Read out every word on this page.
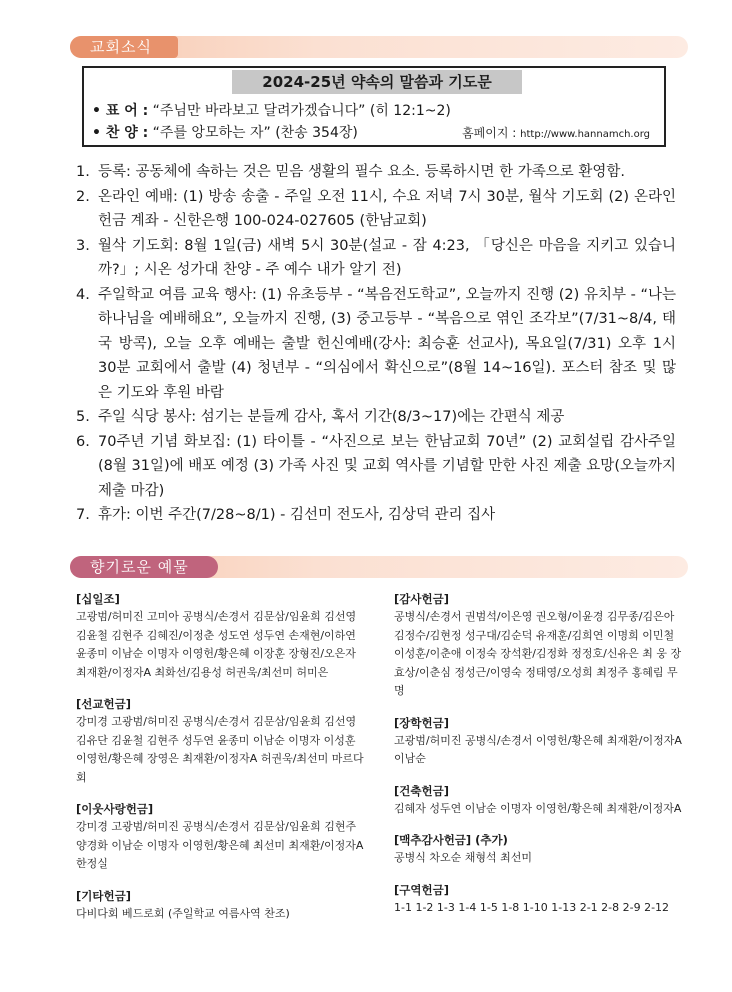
교회소식
2024-25년 약속의 말씀과 기도문
• 표 어 : “주님만 바라보고 달려가겠습니다” (히 12:1~2)
• 찬 양 : “주를 앙모하는 자” (찬송 354장)	홈페이지 : http://www.hannamch.org
1. 등록: 공동체에 속하는 것은 믿음 생활의 필수 요소. 등록하시면 한 가족으로 환영함.
2. 온라인 예배: (1) 방송 송출 - 주일 오전 11시, 수요 저녁 7시 30분, 월삭 기도회 (2) 온라인 헌금 계좌 - 신한은행 100-024-027605 (한남교회)
3. 월삭 기도회: 8월 1일(금) 새벽 5시 30분(설교 - 잠 4:23, 「당신은 마음을 지키고 있습니까?」; 시온 성가대 찬양 - 주 예수 내가 알기 전)
4. 주일학교 여름 교육 행사: (1) 유초등부 - “복음전도학교”, 오늘까지 진행 (2) 유치부 - “나는 하나님을 예배해요”, 오늘까지 진행, (3) 중고등부 - “복음으로 엮인 조각보”(7/31~8/4, 태국 방콕), 오늘 오후 예배는 출발 헌신예배(강사: 최승훈 선교사), 목요일(7/31) 오후 1시 30분 교회에서 출발 (4) 청년부 - “의심에서 확신으로”(8월 14~16일). 포스터 참조 및 많은 기도와 후원 바람
5. 주일 식당 봉사: 섬기는 분들께 감사, 혹서 기간(8/3~17)에는 간편식 제공
6. 70주년 기념 화보집: (1) 타이틀 - “사진으로 보는 한남교회 70년” (2) 교회설립 감사주일(8월 31일)에 배포 예정 (3) 가족 사진 및 교회 역사를 기념할 만한 사진 제출 요망(오늘까지 제출 마감)
7. 휴가: 이번 주간(7/28~8/1) - 김선미 전도사, 김상덕 관리 집사
향기로운 예물
[십일조]
고광범/허미진 고미아 공병식/손경서 김문삼/임윤희 김선영 김윤철 김현주 김혜진/이정춘 성도연 성두연 손재현/이하연 윤종미 이남순 이명자 이영헌/황은혜 이장훈 장형진/오은자 최재환/이정자A 최화선/김용성 허권욱/최선미 허미은
[선교헌금]
강미경 고광범/허미진 공병식/손경서 김문삼/임윤희 김선영 김유단 김윤철 김현주 성두연 윤종미 이남순 이명자 이성훈 이영헌/황은혜 장영은 최재환/이정자A 허권욱/최선미 마르다회
[이웃사랑헌금]
강미경 고광범/허미진 공병식/손경서 김문삼/임윤희 김현주 양경화 이남순 이명자 이영헌/황은혜 최선미 최재환/이정자A 한정실
[기타헌금]
다비다회 베드로회 (주일학교 여름사역 찬조)
[감사헌금]
공병식/손경서 권범석/이은영 권오형/이윤경 김무종/김은아 김정수/김현정 성구대/김순덕 유재훈/김희연 이명희 이민철 이성훈/이춘애 이정숙 장석환/김정화 정정호/신유은 최 웅 장효상/이춘심 정성근/이영숙 정태영/오성희 최정주 홍혜림 무 명
[장학헌금]
고광범/허미진 공병식/손경서 이영헌/황은혜 최재환/이정자A 이남순
[건축헌금]
김혜자 성두연 이남순 이명자 이영헌/황은혜 최재환/이정자A
[맥추감사헌금] (추가)
공병식 차오순 채형석 최선미
[구역헌금]
1-1 1-2 1-3 1-4 1-5 1-8 1-10 1-13 2-1 2-8 2-9 2-12
